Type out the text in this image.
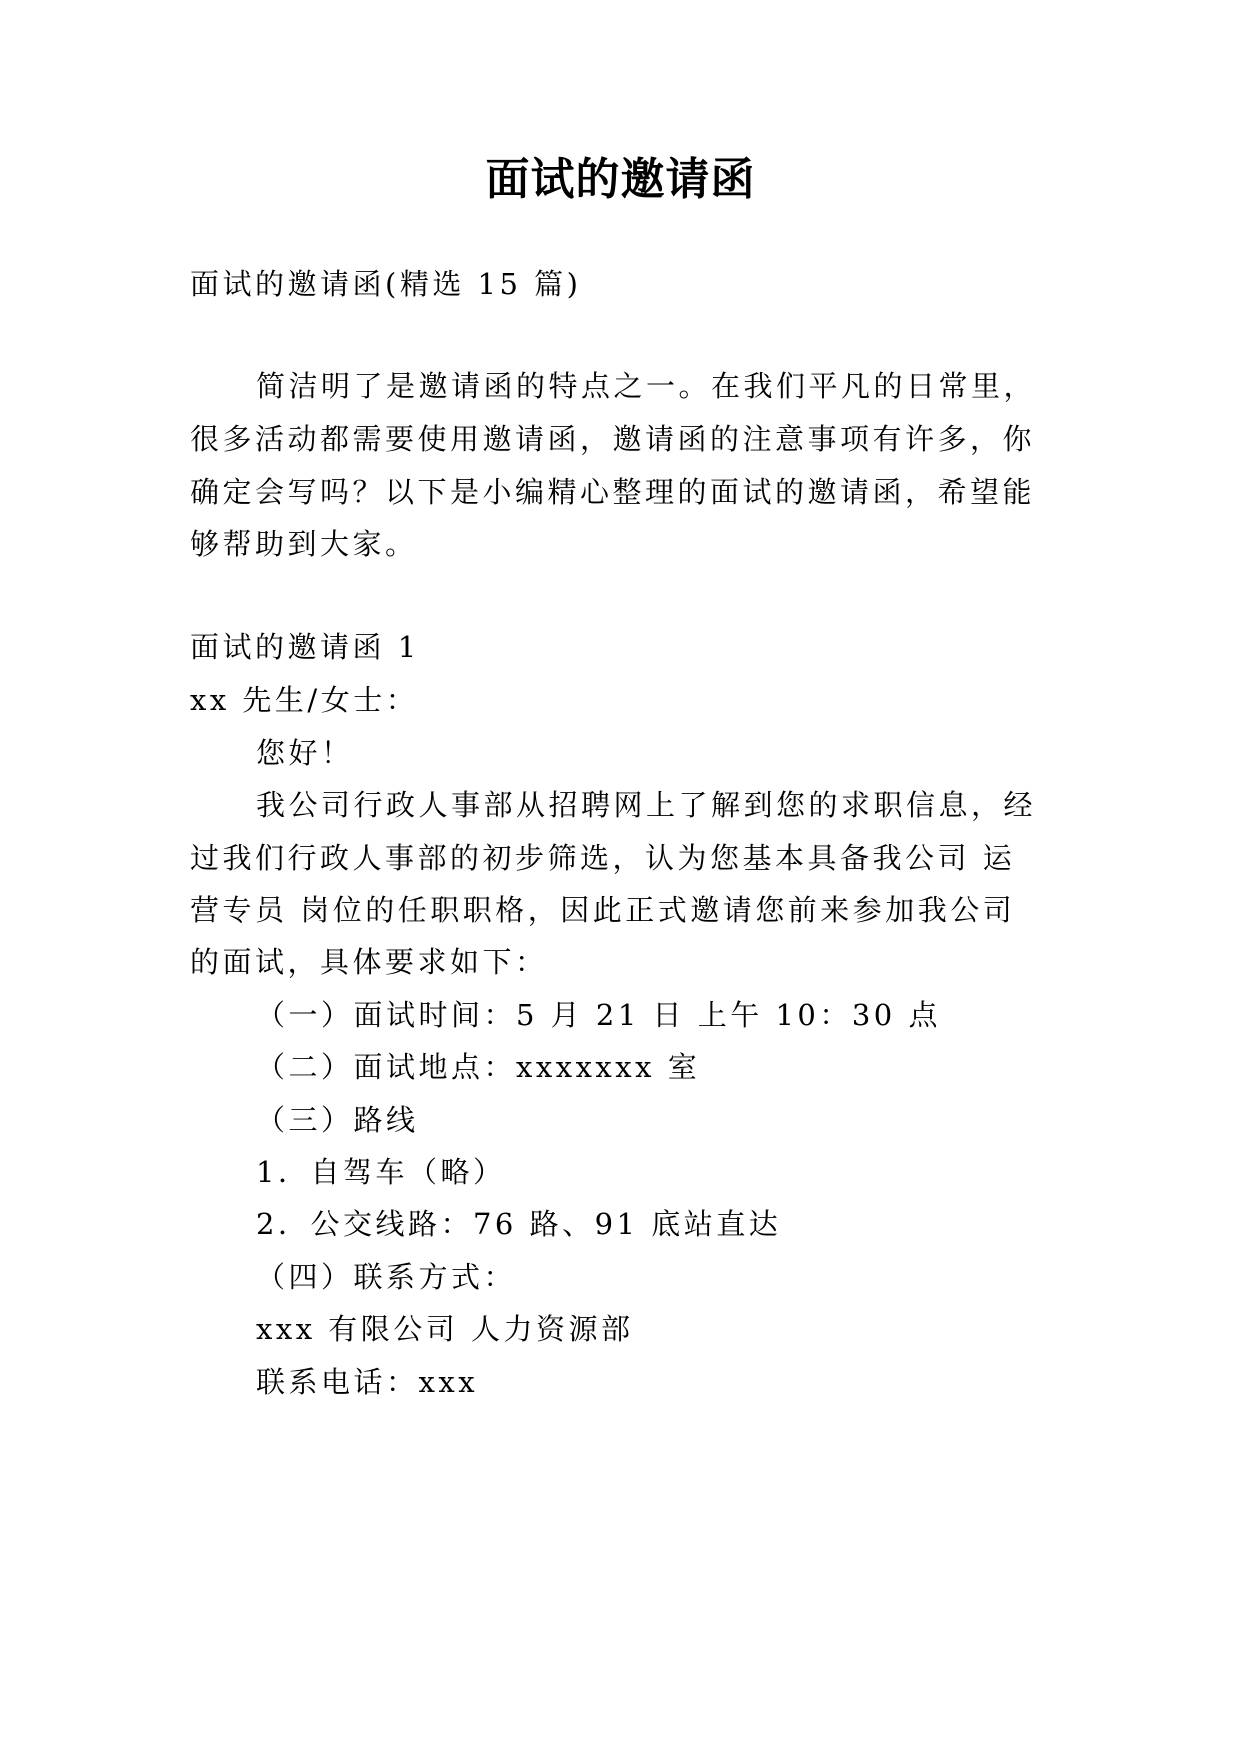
面试的邀请函
面试的邀请函(精选 15 篇)
简洁明了是邀请函的特点之一。在我们平凡的日常里，
很多活动都需要使用邀请函，邀请函的注意事项有许多，你
确定会写吗？以下是小编精心整理的面试的邀请函，希望能
够帮助到大家。
面试的邀请函 1
xx 先生/女士：
您好！
我公司行政人事部从招聘网上了解到您的求职信息，经
过我们行政人事部的初步筛选，认为您基本具备我公司 运
营专员 岗位的任职职格，因此正式邀请您前来参加我公司
的面试，具体要求如下：
（一）面试时间：5 月 21 日 上午 10：30 点
（二）面试地点：xxxxxxx 室
（三）路线
1．自驾车（略）
2．公交线路：76 路、91 底站直达
（四）联系方式：
xxx 有限公司 人力资源部
联系电话：xxx
